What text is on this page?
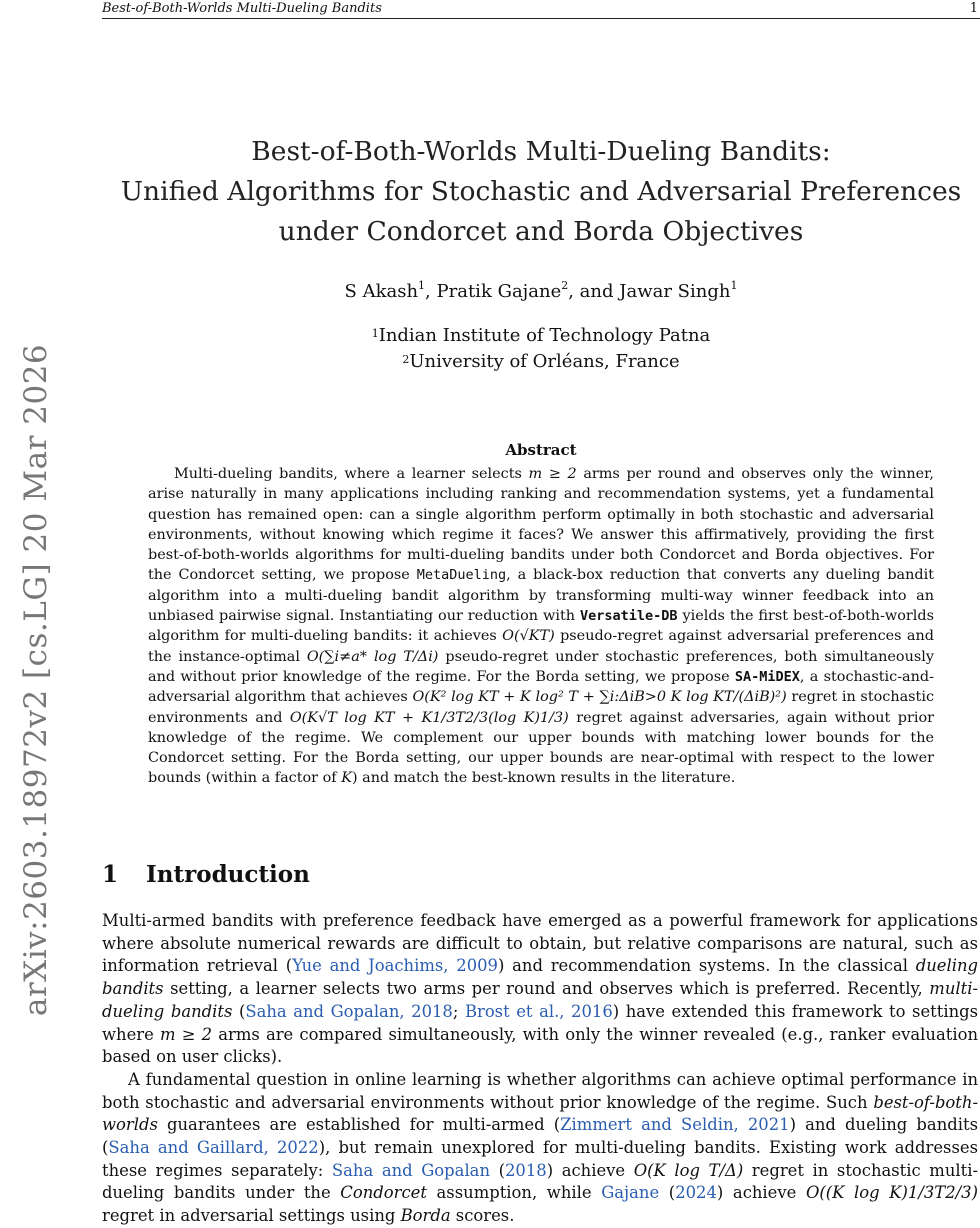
Best-of-Both-Worlds Multi-Dueling Bandits	1
arXiv:2603.18972v2 [cs.LG] 20 Mar 2026
Best-of-Both-Worlds Multi-Dueling Bandits:
Unified Algorithms for Stochastic and Adversarial Preferences
under Condorcet and Borda Objectives
S Akash$^1$, Pratik Gajane$^2$, and Jawar Singh$^1$
$^1$Indian Institute of Technology Patna
$^2$University of Orléans, France
Abstract

Multi-dueling bandits, where a learner selects m ≥ 2 arms per round and observes only the winner, arise naturally in many applications including ranking and recommendation systems, yet a fundamental question has remained open: can a single algorithm perform optimally in both stochastic and adversarial environments, without knowing which regime it faces? We answer this affirmatively, providing the first best-of-both-worlds algorithms for multi-dueling bandits under both Condorcet and Borda objectives. For the Condorcet setting, we propose MetaDueling, a black-box reduction that converts any dueling bandit algorithm into a multi-dueling bandit algorithm by transforming multi-way winner feedback into an unbiased pairwise signal. Instantiating our reduction with Versatile-DB yields the first best-of-both-worlds algorithm for multi-dueling bandits: it achieves O(√KT) pseudo-regret against adversarial preferences and the instance-optimal O(∑i≠a* log T/Δi) pseudo-regret under stochastic preferences, both simultaneously and without prior knowledge of the regime. For the Borda setting, we propose SA-MiDEX, a stochastic-and-adversarial algorithm that achieves O(K² log KT + K log² T + ∑i:ΔiB>0 K log KT/(ΔiB)²) regret in stochastic environments and O(K√T log KT + K1/3T2/3(log K)1/3) regret against adversaries, again without prior knowledge of the regime. We complement our upper bounds with matching lower bounds for the Condorcet setting. For the Borda setting, our upper bounds are near-optimal with respect to the lower bounds (within a factor of K) and match the best-known results in the literature.

1 Introduction

Multi-armed bandits with preference feedback have emerged as a powerful framework for applications where absolute numerical rewards are difficult to obtain, but relative comparisons are natural, such as information retrieval (Yue and Joachims, 2009) and recommendation systems. In the classical dueling bandits setting, a learner selects two arms per round and observes which is preferred. Recently, multi-dueling bandits (Saha and Gopalan, 2018; Brost et al., 2016) have extended this framework to settings where m ≥ 2 arms are compared simultaneously, with only the winner revealed (e.g., ranker evaluation based on user clicks).

A fundamental question in online learning is whether algorithms can achieve optimal performance in both stochastic and adversarial environments without prior knowledge of the regime. Such best-of-both-worlds guarantees are established for multi-armed (Zimmert and Seldin, 2021) and dueling bandits (Saha and Gaillard, 2022), but remain unexplored for multi-dueling bandits. Existing work addresses these regimes separately: Saha and Gopalan (2018) achieve O(K log T/Δ) regret in stochastic multi-dueling bandits under the Condorcet assumption, while Gajane (2024) achieve O((K log K)1/3T2/3) regret in adversarial settings using Borda scores.
